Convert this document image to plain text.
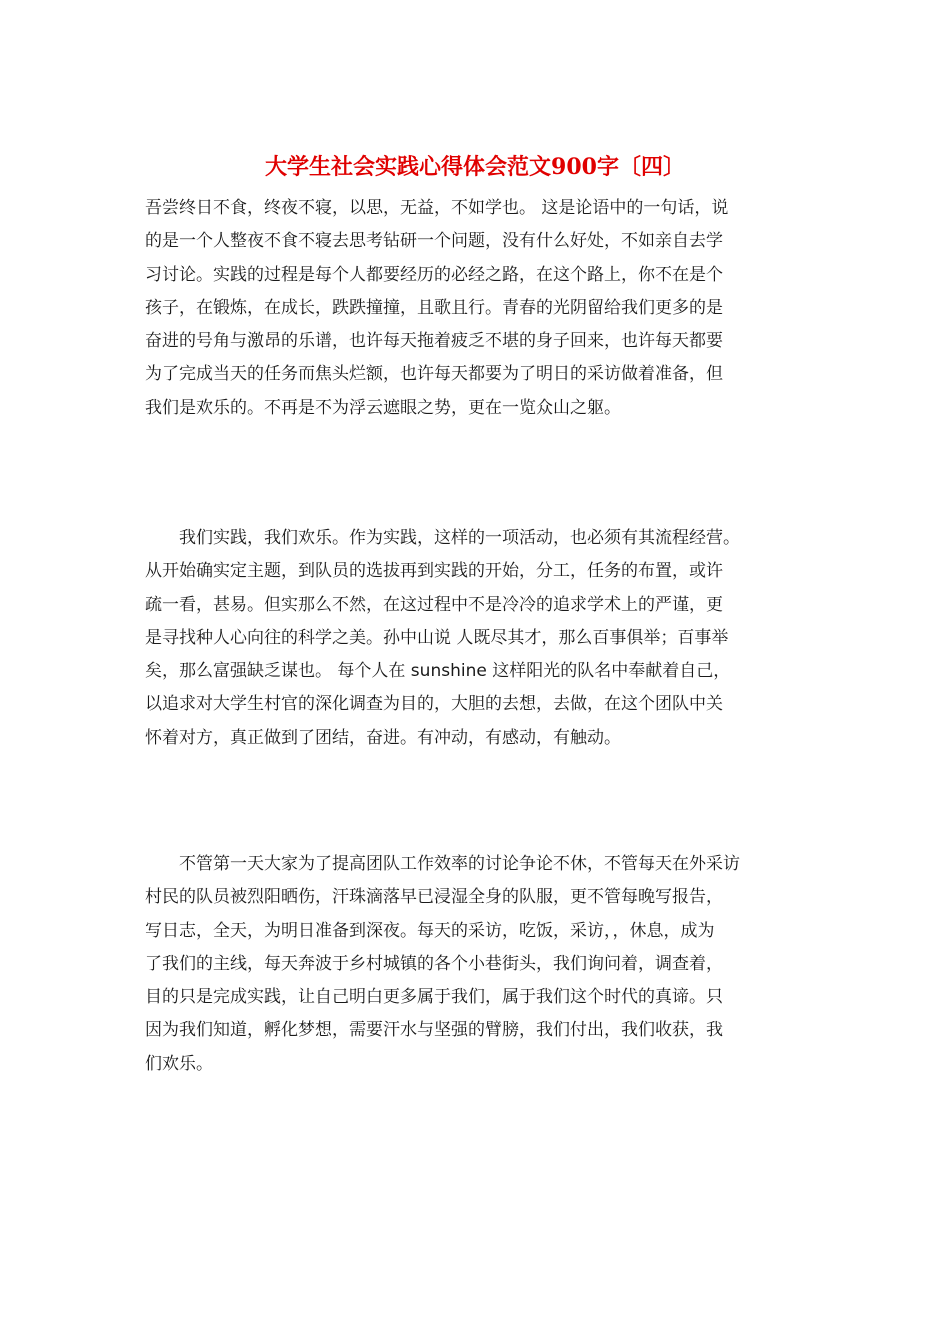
大学生社会实践心得体会范文900字〔四〕
吾尝终日不食，终夜不寝，以思，无益，不如学也。 这是论语中的一句话，说
的是一个人整夜不食不寝去思考钻研一个问题，没有什么好处，不如亲自去学
习讨论。实践的过程是每个人都要经历的必经之路，在这个路上，你不在是个
孩子，在锻炼，在成长，跌跌撞撞，且歌且行。青春的光阴留给我们更多的是
奋进的号角与激昂的乐谱，也许每天拖着疲乏不堪的身子回来，也许每天都要
为了完成当天的任务而焦头烂额，也许每天都要为了明日的采访做着准备，但
我们是欢乐的。不再是不为浮云遮眼之势，更在一览众山之躯。
　　我们实践，我们欢乐。作为实践，这样的一项活动，也必须有其流程经营。
从开始确实定主题，到队员的选拔再到实践的开始，分工，任务的布置，或许
疏一看，甚易。但实那么不然，在这过程中不是冷冷的追求学术上的严谨，更
是寻找种人心向往的科学之美。孙中山说 人既尽其才，那么百事俱举；百事举
矣，那么富强缺乏谋也。 每个人在 sunshine 这样阳光的队名中奉献着自己，
以追求对大学生村官的深化调查为目的，大胆的去想，去做，在这个团队中关
怀着对方，真正做到了团结，奋进。有冲动，有感动，有触动。
　　不管第一天大家为了提高团队工作效率的讨论争论不休，不管每天在外采访
村民的队员被烈阳晒伤，汗珠滴落早已浸湿全身的队服，更不管每晚写报告，
写日志，全天，为明日准备到深夜。每天的采访，吃饭，采访，，休息，成为
了我们的主线，每天奔波于乡村城镇的各个小巷街头，我们询问着，调查着，
目的只是完成实践，让自己明白更多属于我们，属于我们这个时代的真谛。只
因为我们知道，孵化梦想，需要汗水与坚强的臂膀，我们付出，我们收获，我
们欢乐。
